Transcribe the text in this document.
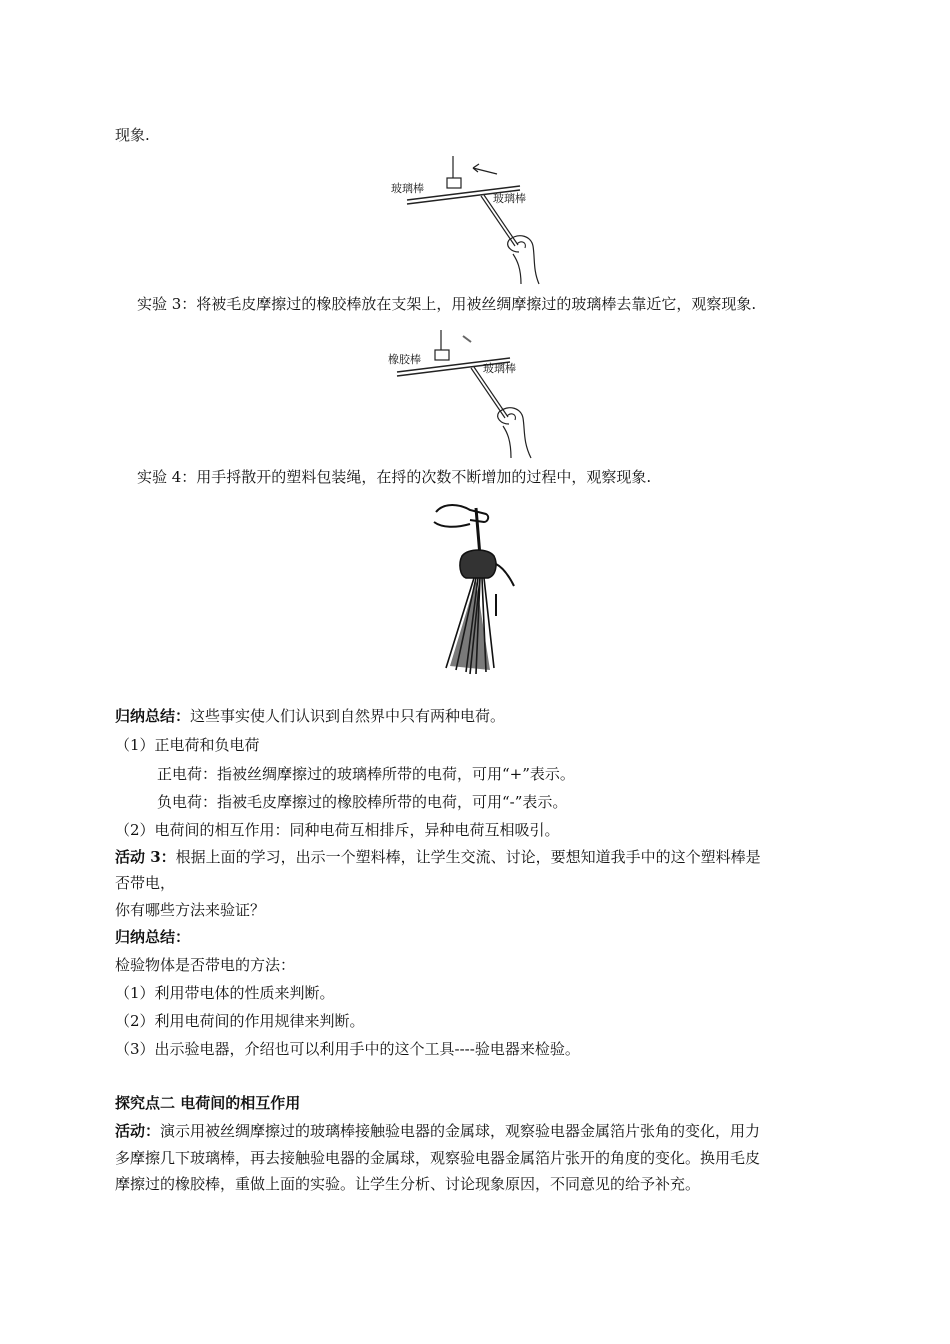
现象.
玻璃棒
玻璃棒
实验 3：将被毛皮摩擦过的橡胶棒放在支架上，用被丝绸摩擦过的玻璃棒去靠近它，观察现象.
橡胶棒
玻璃棒
实验 4：用手捋散开的塑料包装绳，在捋的次数不断增加的过程中，观察现象.
归纳总结：这些事实使人们认识到自然界中只有两种电荷。
（1）正电荷和负电荷
正电荷：指被丝绸摩擦过的玻璃棒所带的电荷，可用“+”表示。
负电荷：指被毛皮摩擦过的橡胶棒所带的电荷，可用“-”表示。
（2）电荷间的相互作用：同种电荷互相排斥，异种电荷互相吸引。
活动 3：根据上面的学习，出示一个塑料棒，让学生交流、讨论，要想知道我手中的这个塑料棒是
否带电，
你有哪些方法来验证？
归纳总结：
检验物体是否带电的方法：
（1）利用带电体的性质来判断。
（2）利用电荷间的作用规律来判断。
（3）出示验电器，介绍也可以利用手中的这个工具----验电器来检验。
探究点二 电荷间的相互作用
活动：演示用被丝绸摩擦过的玻璃棒接触验电器的金属球，观察验电器金属箔片张角的变化，用力
多摩擦几下玻璃棒，再去接触验电器的金属球，观察验电器金属箔片张开的角度的变化。换用毛皮
摩擦过的橡胶棒，重做上面的实验。让学生分析、讨论现象原因，不同意见的给予补充。
